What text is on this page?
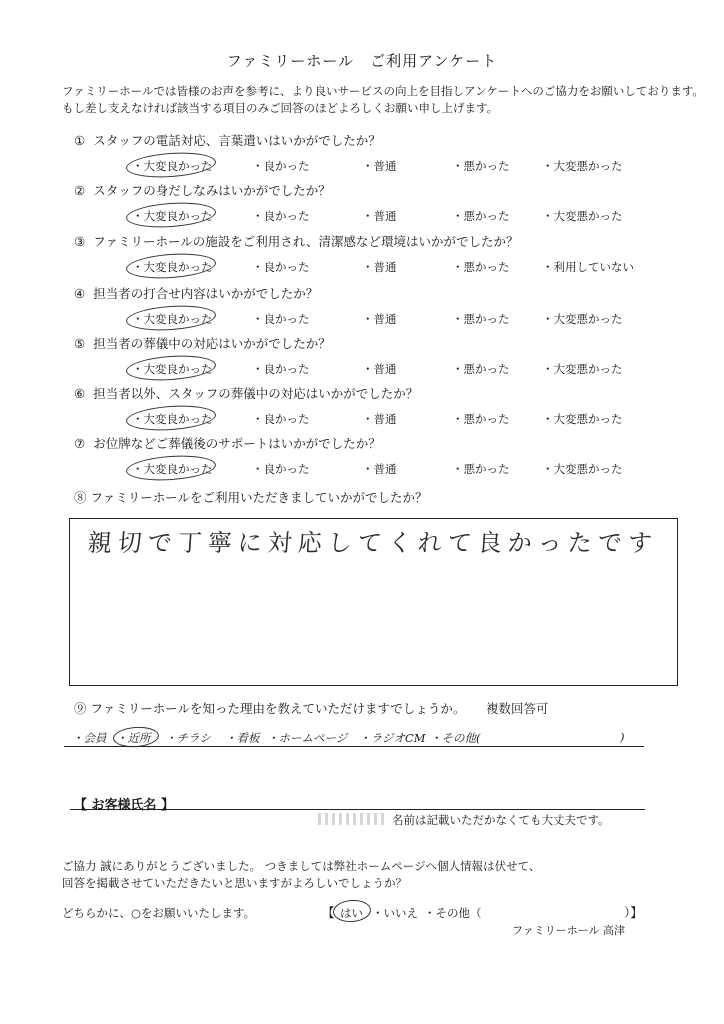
ファミリーホール　ご利用アンケート
ファミリーホールでは皆様のお声を参考に、より良いサービスの向上を目指しアンケートへのご協力をお願いしております。
もし差し支えなければ該当する項目のみご回答のほどよろしくお願い申し上げます。
① スタッフの電話対応、言葉遣いはいかがでしたか？
・大変良かった	・良かった	・普通	・悪かった	・大変悪かった
② スタッフの身だしなみはいかがでしたか？
・大変良かった	・良かった	・普通	・悪かった	・大変悪かった
③ ファミリーホールの施設をご利用され、清潔感など環境はいかがでしたか？
・大変良かった	・良かった	・普通	・悪かった	・利用していない
④ 担当者の打合せ内容はいかがでしたか？
・大変良かった	・良かった	・普通	・悪かった	・大変悪かった
⑤ 担当者の葬儀中の対応はいかがでしたか？
・大変良かった	・良かった	・普通	・悪かった	・大変悪かった
⑥ 担当者以外、スタッフの葬儀中の対応はいかがでしたか？
・大変良かった	・良かった	・普通	・悪かった	・大変悪かった
⑦ お位牌などご葬儀後のサポートはいかがでしたか？
・大変良かった	・良かった	・普通	・悪かった	・大変悪かった
⑧ ファミリーホールをご利用いただきましていかがでしたか？
親切で丁寧に対応してくれて良かったです
⑨ ファミリーホールを知った理由を教えていただけますでしょうか。 複数回答可
・会員 ・近所 ・チラシ ・看板 ・ホームページ ・ラジオCM ・その他(	)
【 お客様氏名 】
名前は記載いただかなくても大丈夫です。
ご協力 誠にありがとうございました。 つきましては弊社ホームページへ個人情報は伏せて、
回答を掲載させていただきたいと思いますがよろしいでしょうか？
どちらかに、○をお願いいたします。	【 はい ・いいえ ・その他（	）】
ファミリーホール 高津
